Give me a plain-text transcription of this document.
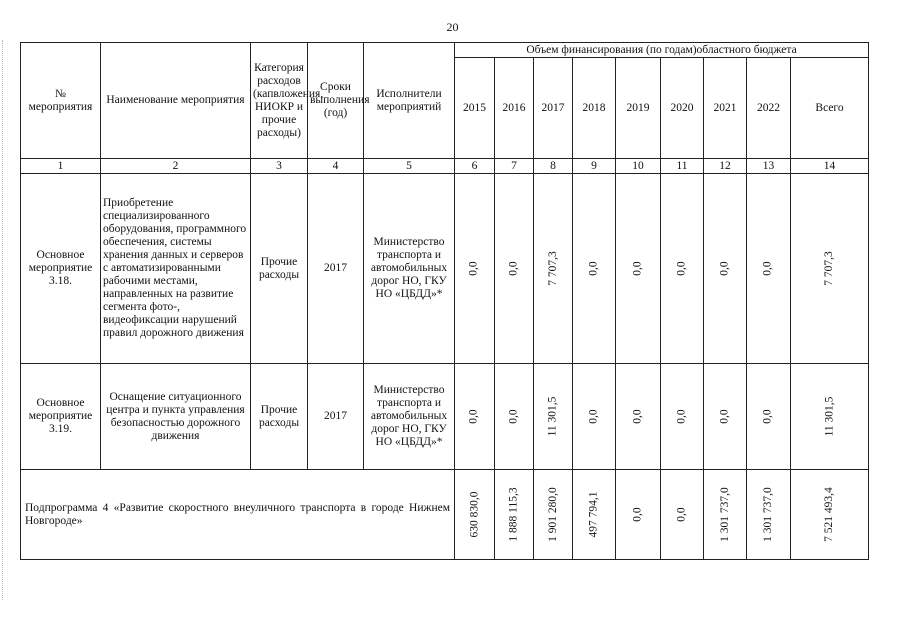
20
№ мероприятия	Наименование мероприятия	Категория расходов (капвложения, НИОКР и прочие расходы)	Сроки выполнения (год)	Исполнители мероприятий	Объем финансирования (по годам)областного бюджета								
					2015	2016	2017	2018	2019	2020	2021	2022	Всего
1	2	3	4	5	6	7	8	9	10	11	12	13	14
Основное мероприятие 3.18.	Приобретение специализированного оборудования, программного обеспечения, системы хранения данных и серверов с автоматизированными рабочими местами, направленных на развитие сегмента фото-, видеофиксации нарушений правил дорожного движения	Прочие расходы	2017	Министерство транспорта и автомобильных дорог НО, ГКУ НО «ЦБДД»*	0,0	0,0	7 707,3	0,0	0,0	0,0	0,0	0,0	7 707,3

Основное мероприятие 3.19.	Оснащение ситуационного центра и пункта управления безопасностью дорожного движения	Прочие расходы	2017	Министерство транспорта и автомобильных дорог НО, ГКУ НО «ЦБДД»*	0,0	0,0	11 301,5	0,0	0,0	0,0	0,0	0,0	11 301,5

Подпрограмма 4 «Развитие скоростного внеуличного транспорта в городе Нижнем Новгороде»					630 830,0	1 888 115,3	1 901 280,0	497 794,1	0,0	0,0	1 301 737,0	1 301 737,0	7 521 493,4
